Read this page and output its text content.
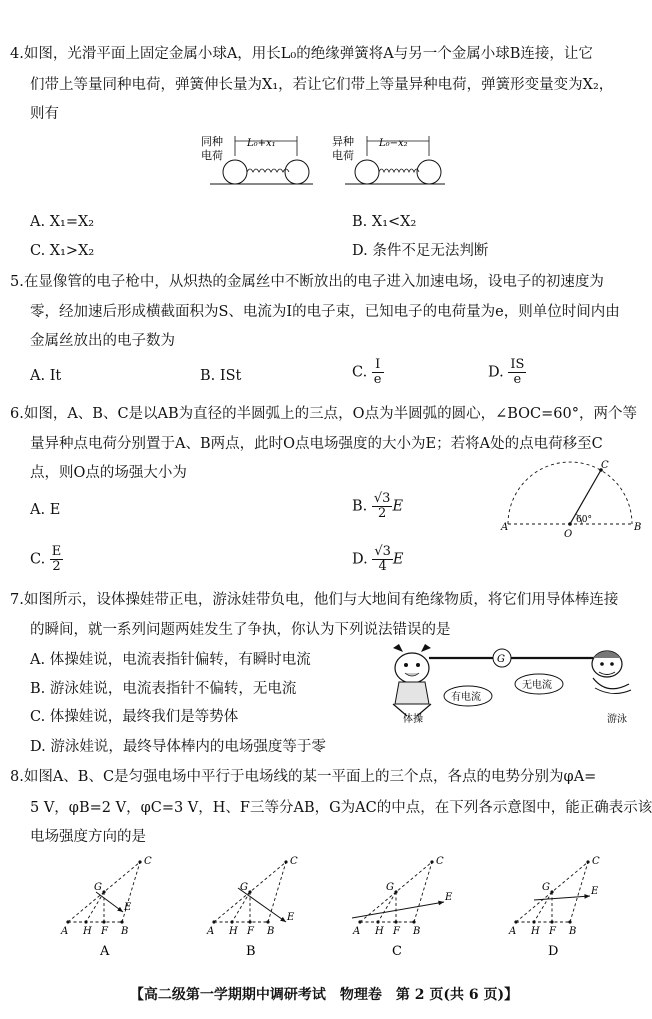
4.如图，光滑平面上固定金属小球A，用长L₀的绝缘弹簧将A与另一个金属小球B连接，让它
们带上等量同种电荷，弹簧伸长量为X₁，若让它们带上等量异种电荷，弹簧形变量变为X₂，
则有
同种
电荷
L₀+x₁	异种
电荷
L₀−x₂
A. X₁=X₂	B. X₁<X₂
C. X₁>X₂	D. 条件不足无法判断
5.在显像管的电子枪中，从炽热的金属丝中不断放出的电子进入加速电场，设电子的初速度为
零，经加速后形成横截面积为S、电流为I的电子束，已知电子的电荷量为e，则单位时间内由
金属丝放出的电子数为
A. It	B. ISt	C. $\frac{I}{e}$	D. $\frac{IS}{e}$
6.如图，A、B、C是以AB为直径的半圆弧上的三点，O点为半圆弧的圆心，∠BOC=60°，两个等
量异种点电荷分别置于A、B两点，此时O点电场强度的大小为E；若将A处的点电荷移至C
点，则O点的场强大小为
A. E	B. $\frac{√3}{2}$ E
C. $\frac{E}{2}$	D. $\frac{√3}{4}$ E
A	B
C
O
60°
7.如图所示，设体操娃带正电，游泳娃带负电，他们与大地间有绝缘物质，将它们用导体棒连接
的瞬间，就一系列问题两娃发生了争执，你认为下列说法错误的是
A. 体操娃说，电流表指针偏转，有瞬时电流
B. 游泳娃说，电流表指针不偏转，无电流
C. 体操娃说，最终我们是等势体
D. 游泳娃说，最终导体棒内的电场强度等于零
G
有电流
无电流
体操	游泳
8.如图A、B、C是匀强电场中平行于电场线的某一平面上的三个点，各点的电势分别为φA=
5 V，φB=2 V，φC=3 V，H、F三等分AB，G为AC的中点，在下列各示意图中，能正确表示该
电场强度方向的是
A H F B
C
G
E
A
A H F B
C
G
E
B
A H F B
C
G
E
C
A H F B
C
G	E
D
【高二级第一学期期中调研考试　物理卷　第 2 页(共 6 页)】
